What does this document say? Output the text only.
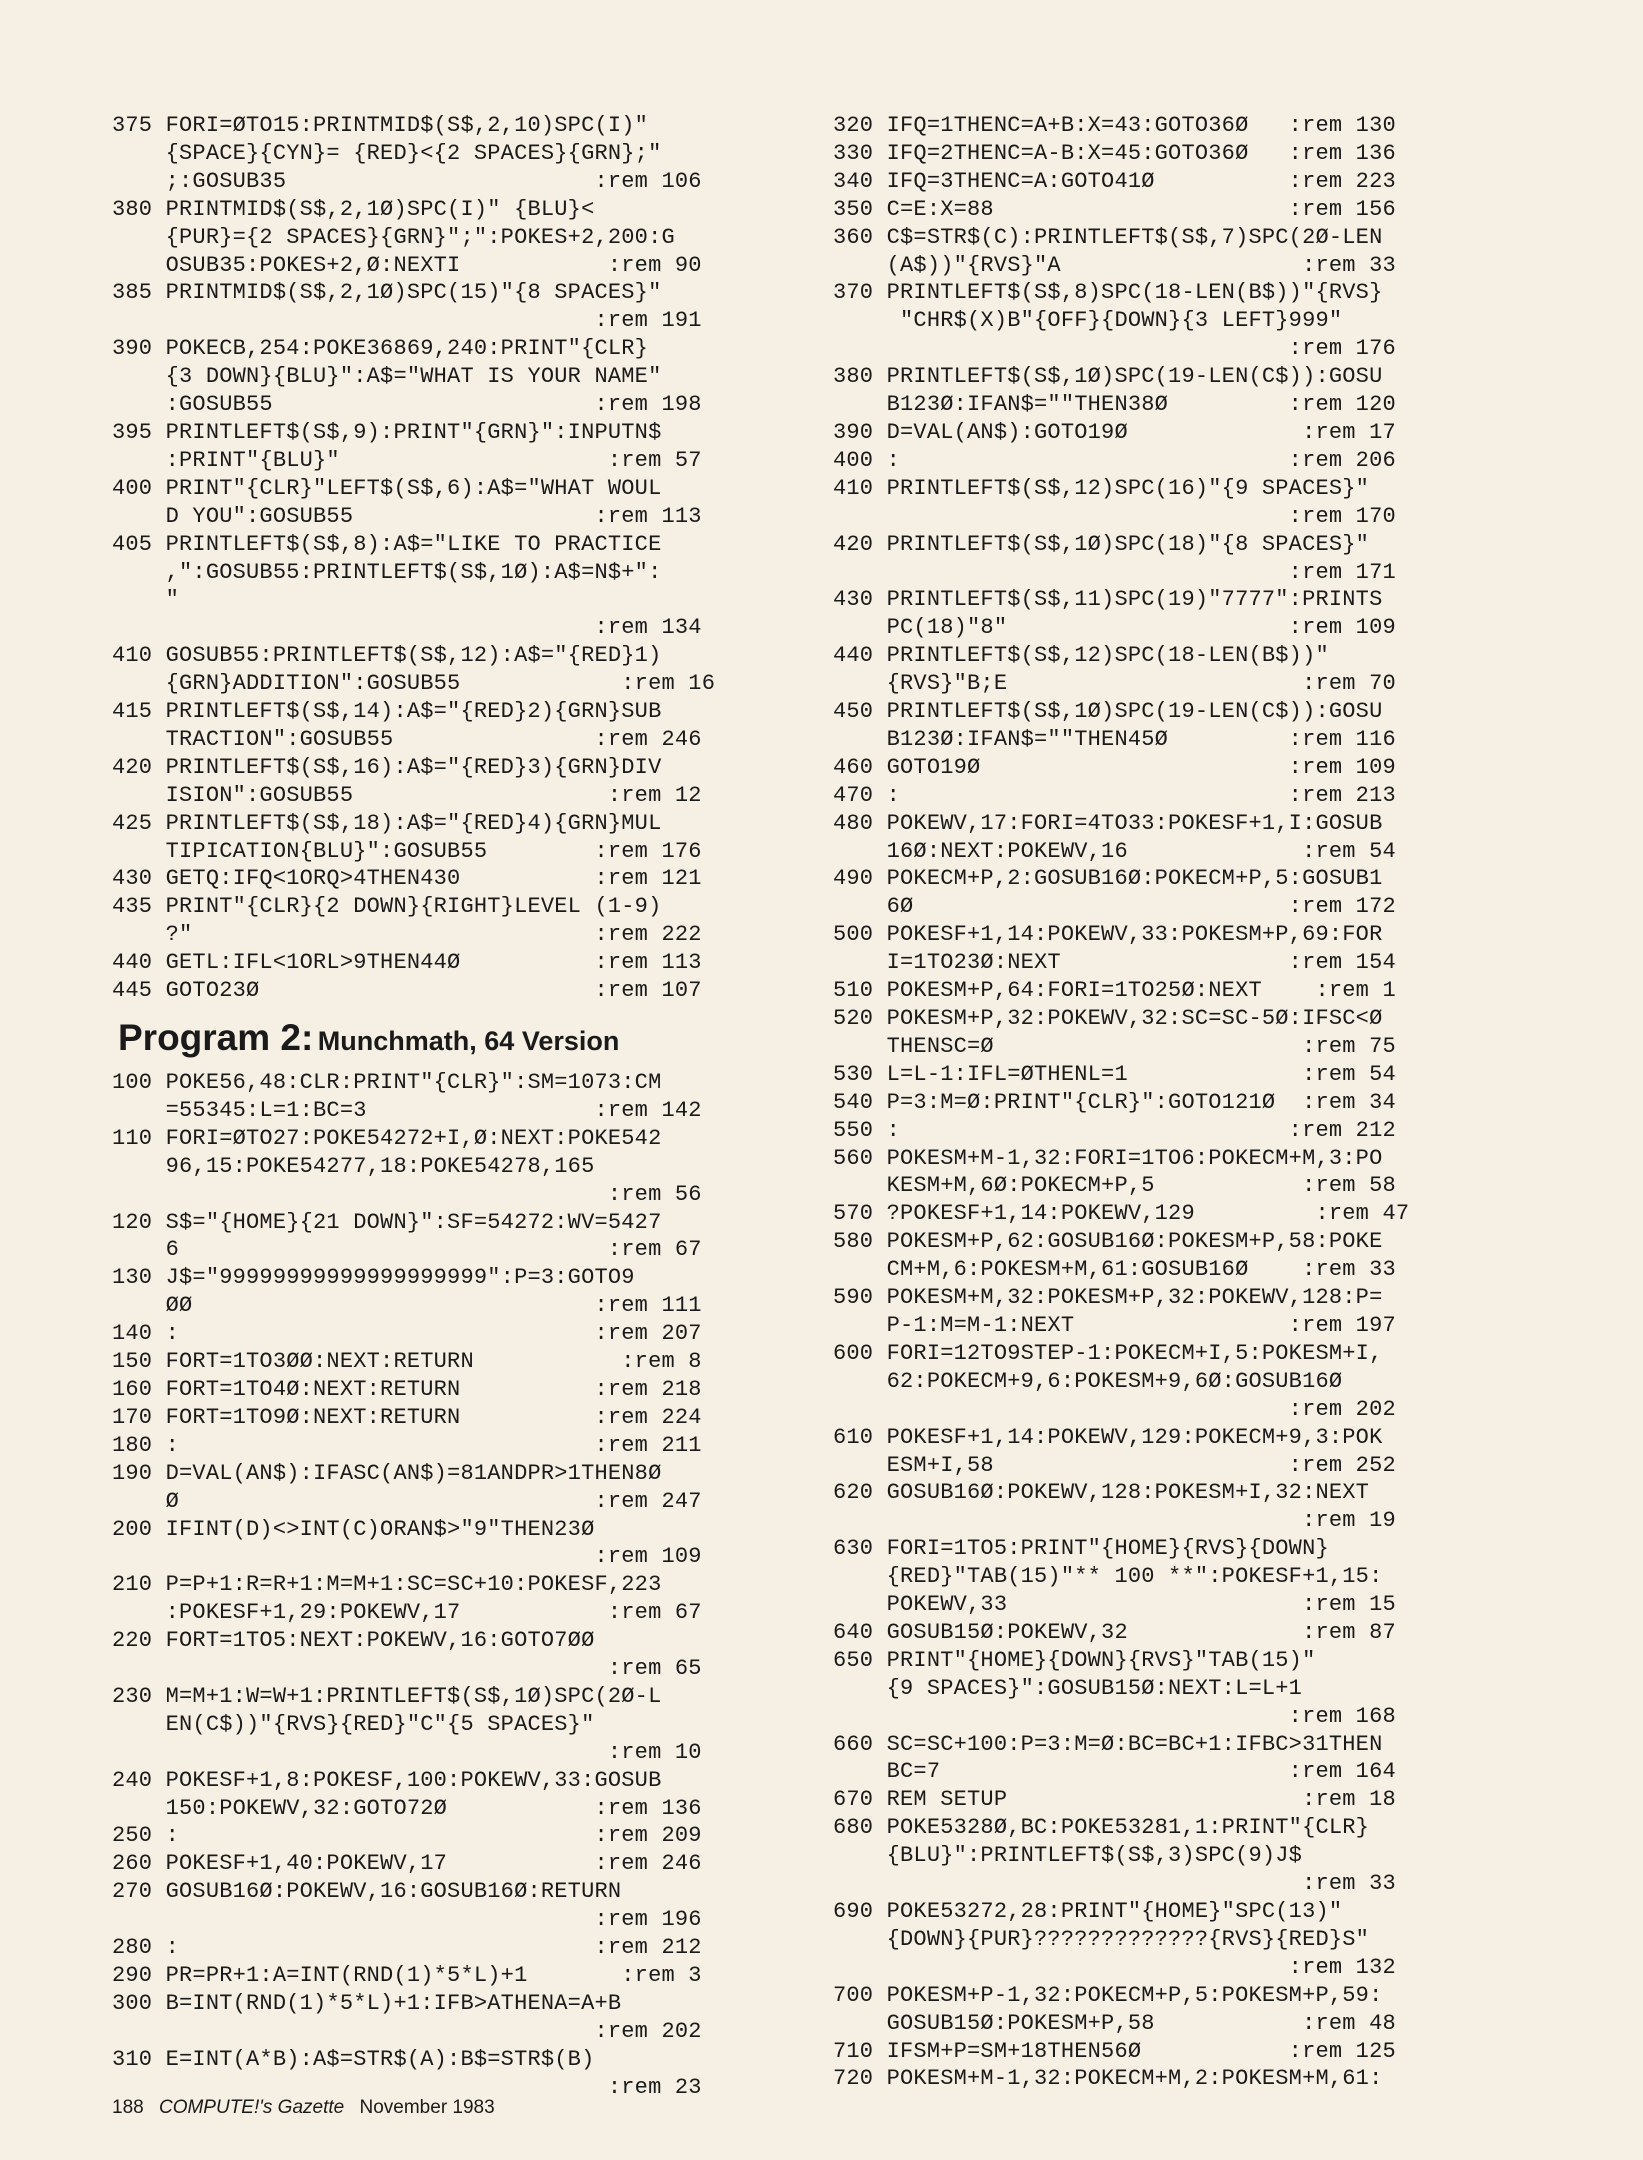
375 FORI=ØTO15:PRINTMID$(S$,2,10)SPC(I)"
{SPACE}{CYN}= {RED}<{2 SPACES}{GRN};"
;:GOSUB35                       :rem 106
380 PRINTMID$(S$,2,1Ø)SPC(I)" {BLU}<
{PUR}={2 SPACES}{GRN}";":POKES+2,200:G
OSUB35:POKES+2,Ø:NEXTI           :rem 90
385 PRINTMID$(S$,2,1Ø)SPC(15)"{8 SPACES}"
:rem 191
390 POKECB,254:POKE36869,240:PRINT"{CLR}
{3 DOWN}{BLU}":A$="WHAT IS YOUR NAME"
:GOSUB55                        :rem 198
395 PRINTLEFT$(S$,9):PRINT"{GRN}":INPUTN$
:PRINT"{BLU}"                    :rem 57
400 PRINT"{CLR}"LEFT$(S$,6):A$="WHAT WOUL
D YOU":GOSUB55                  :rem 113
405 PRINTLEFT$(S$,8):A$="LIKE TO PRACTICE
,":GOSUB55:PRINTLEFT$(S$,1Ø):A$=N$+":
"
:rem 134
410 GOSUB55:PRINTLEFT$(S$,12):A$="{RED}1)
{GRN}ADDITION":GOSUB55            :rem 16
415 PRINTLEFT$(S$,14):A$="{RED}2){GRN}SUB
TRACTION":GOSUB55               :rem 246
420 PRINTLEFT$(S$,16):A$="{RED}3){GRN}DIV
ISION":GOSUB55                   :rem 12
425 PRINTLEFT$(S$,18):A$="{RED}4){GRN}MUL
TIPICATION{BLU}":GOSUB55        :rem 176
430 GETQ:IFQ<1ORQ>4THEN430          :rem 121
435 PRINT"{CLR}{2 DOWN}{RIGHT}LEVEL (1-9)
?"                              :rem 222
440 GETL:IFL<1ORL>9THEN44Ø          :rem 113
445 GOTO23Ø                         :rem 107
Program 2: Munchmath, 64 Version
100 POKE56,48:CLR:PRINT"{CLR}":SM=1073:CM
=55345:L=1:BC=3                 :rem 142
110 FORI=ØTO27:POKE54272+I,Ø:NEXT:POKE542
96,15:POKE54277,18:POKE54278,165
:rem 56
120 S$="{HOME}{21 DOWN}":SF=54272:WV=5427
6                                :rem 67
130 J$="99999999999999999999":P=3:GOTO9
ØØ                              :rem 111
140 :                               :rem 207
150 FORT=1TO3ØØ:NEXT:RETURN           :rem 8
160 FORT=1TO4Ø:NEXT:RETURN          :rem 218
170 FORT=1TO9Ø:NEXT:RETURN          :rem 224
180 :                               :rem 211
190 D=VAL(AN$):IFASC(AN$)=81ANDPR>1THEN8Ø
Ø                               :rem 247
200 IFINT(D)<>INT(C)ORAN$>"9"THEN23Ø
:rem 109
210 P=P+1:R=R+1:M=M+1:SC=SC+10:POKESF,223
:POKESF+1,29:POKEWV,17           :rem 67
220 FORT=1TO5:NEXT:POKEWV,16:GOTO7ØØ
:rem 65
230 M=M+1:W=W+1:PRINTLEFT$(S$,1Ø)SPC(2Ø-L
EN(C$))"{RVS}{RED}"C"{5 SPACES}"
:rem 10
240 POKESF+1,8:POKESF,100:POKEWV,33:GOSUB
150:POKEWV,32:GOTO72Ø           :rem 136
250 :                               :rem 209
260 POKESF+1,40:POKEWV,17           :rem 246
270 GOSUB16Ø:POKEWV,16:GOSUB16Ø:RETURN
:rem 196
280 :                               :rem 212
290 PR=PR+1:A=INT(RND(1)*5*L)+1       :rem 3
300 B=INT(RND(1)*5*L)+1:IFB>ATHENA=A+B
:rem 202
310 E=INT(A*B):A$=STR$(A):B$=STR$(B)
:rem 23
320 IFQ=1THENC=A+B:X=43:GOTO36Ø   :rem 130
330 IFQ=2THENC=A-B:X=45:GOTO36Ø   :rem 136
340 IFQ=3THENC=A:GOTO41Ø          :rem 223
350 C=E:X=88                      :rem 156
360 C$=STR$(C):PRINTLEFT$(S$,7)SPC(2Ø-LEN
(A$))"{RVS}"A                  :rem 33
370 PRINTLEFT$(S$,8)SPC(18-LEN(B$))"{RVS}
"CHR$(X)B"{OFF}{DOWN}{3 LEFT}999"
:rem 176
380 PRINTLEFT$(S$,1Ø)SPC(19-LEN(C$)):GOSU
B123Ø:IFAN$=""THEN38Ø         :rem 120
390 D=VAL(AN$):GOTO19Ø             :rem 17
400 :                             :rem 206
410 PRINTLEFT$(S$,12)SPC(16)"{9 SPACES}"
:rem 170
420 PRINTLEFT$(S$,1Ø)SPC(18)"{8 SPACES}"
:rem 171
430 PRINTLEFT$(S$,11)SPC(19)"7777":PRINTS
PC(18)"8"                     :rem 109
440 PRINTLEFT$(S$,12)SPC(18-LEN(B$))"
{RVS}"B;E                      :rem 70
450 PRINTLEFT$(S$,1Ø)SPC(19-LEN(C$)):GOSU
B123Ø:IFAN$=""THEN45Ø         :rem 116
460 GOTO19Ø                       :rem 109
470 :                             :rem 213
480 POKEWV,17:FORI=4TO33:POKESF+1,I:GOSUB
16Ø:NEXT:POKEWV,16             :rem 54
490 POKECM+P,2:GOSUB16Ø:POKECM+P,5:GOSUB1
6Ø                            :rem 172
500 POKESF+1,14:POKEWV,33:POKESM+P,69:FOR
I=1TO23Ø:NEXT                 :rem 154
510 POKESM+P,64:FORI=1TO25Ø:NEXT    :rem 1
520 POKESM+P,32:POKEWV,32:SC=SC-5Ø:IFSC<Ø
THENSC=Ø                       :rem 75
530 L=L-1:IFL=ØTHENL=1             :rem 54
540 P=3:M=Ø:PRINT"{CLR}":GOTO121Ø  :rem 34
550 :                             :rem 212
560 POKESM+M-1,32:FORI=1TO6:POKECM+M,3:PO
KESM+M,6Ø:POKECM+P,5           :rem 58
570 ?POKESF+1,14:POKEWV,129         :rem 47
580 POKESM+P,62:GOSUB16Ø:POKESM+P,58:POKE
CM+M,6:POKESM+M,61:GOSUB16Ø    :rem 33
590 POKESM+M,32:POKESM+P,32:POKEWV,128:P=
P-1:M=M-1:NEXT                :rem 197
600 FORI=12TO9STEP-1:POKECM+I,5:POKESM+I,
62:POKECM+9,6:POKESM+9,6Ø:GOSUB16Ø
:rem 202
610 POKESF+1,14:POKEWV,129:POKECM+9,3:POK
ESM+I,58                      :rem 252
620 GOSUB16Ø:POKEWV,128:POKESM+I,32:NEXT
:rem 19
630 FORI=1TO5:PRINT"{HOME}{RVS}{DOWN}
{RED}"TAB(15)"** 100 **":POKESF+1,15:
POKEWV,33                      :rem 15
640 GOSUB15Ø:POKEWV,32             :rem 87
650 PRINT"{HOME}{DOWN}{RVS}"TAB(15)"
{9 SPACES}":GOSUB15Ø:NEXT:L=L+1
:rem 168
660 SC=SC+100:P=3:M=Ø:BC=BC+1:IFBC>31THEN
BC=7                          :rem 164
670 REM SETUP                      :rem 18
680 POKE5328Ø,BC:POKE53281,1:PRINT"{CLR}
{BLU}":PRINTLEFT$(S$,3)SPC(9)J$
:rem 33
690 POKE53272,28:PRINT"{HOME}"SPC(13)"
{DOWN}{PUR}?????????????{RVS}{RED}S"
:rem 132
700 POKESM+P-1,32:POKECM+P,5:POKESM+P,59:
GOSUB15Ø:POKESM+P,58           :rem 48
710 IFSM+P=SM+18THEN56Ø           :rem 125
720 POKESM+M-1,32:POKECM+M,2:POKESM+M,61:
188 COMPUTE!'s Gazette November 1983
